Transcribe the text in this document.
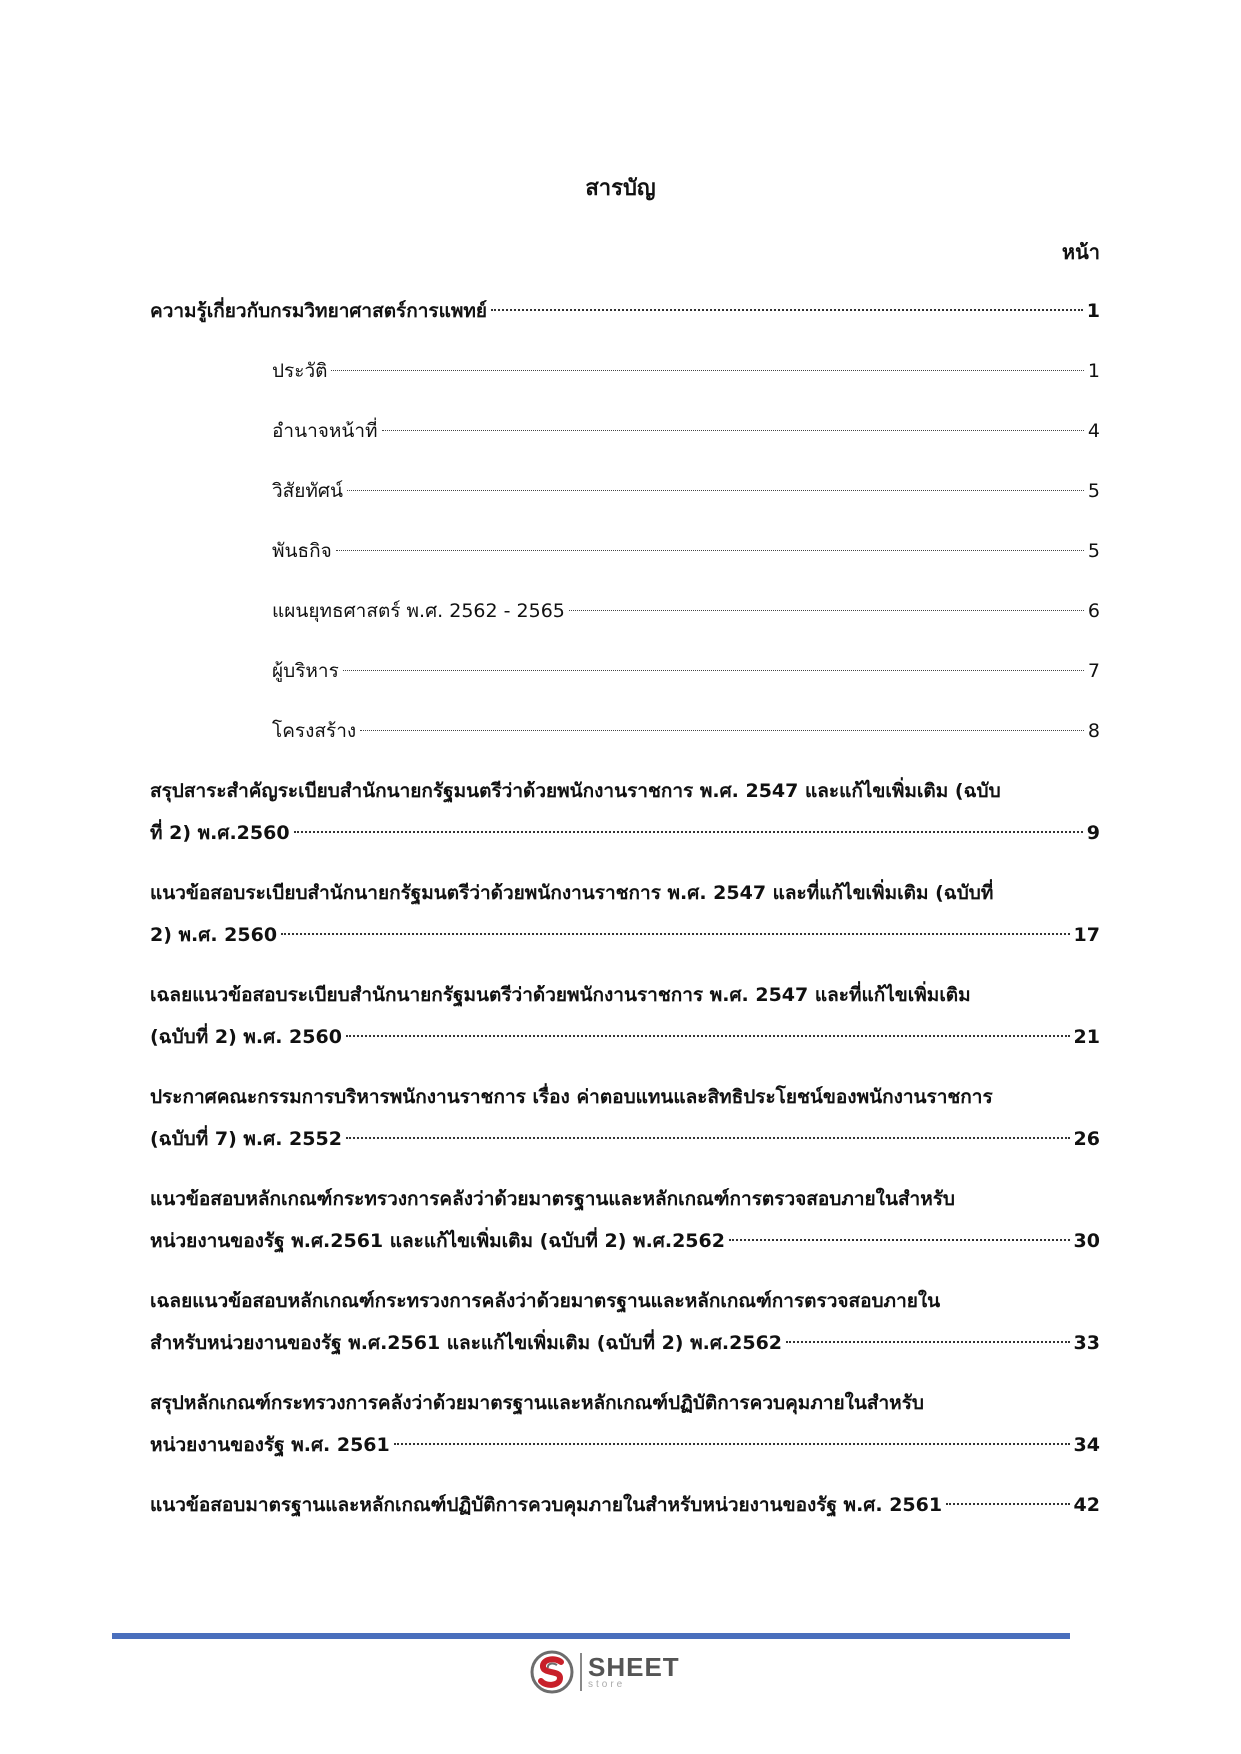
สารบัญ
หน้า
ความรู้เกี่ยวกับกรมวิทยาศาสตร์การแพทย์	1
ประวัติ	1
อำนาจหน้าที่	4
วิสัยทัศน์	5
พันธกิจ	5
แผนยุทธศาสตร์ พ.ศ. 2562 - 2565	6
ผู้บริหาร	7
โครงสร้าง	8
สรุปสาระสำคัญระเบียบสำนักนายกรัฐมนตรีว่าด้วยพนักงานราชการ พ.ศ. 2547 และแก้ไขเพิ่มเติม (ฉบับ
ที่ 2) พ.ศ.2560	9
แนวข้อสอบระเบียบสำนักนายกรัฐมนตรีว่าด้วยพนักงานราชการ พ.ศ. 2547 และที่แก้ไขเพิ่มเติม (ฉบับที่
2) พ.ศ. 2560	17
เฉลยแนวข้อสอบระเบียบสำนักนายกรัฐมนตรีว่าด้วยพนักงานราชการ พ.ศ. 2547 และที่แก้ไขเพิ่มเติม
(ฉบับที่ 2) พ.ศ. 2560	21
ประกาศคณะกรรมการบริหารพนักงานราชการ เรื่อง ค่าตอบแทนและสิทธิประโยชน์ของพนักงานราชการ
(ฉบับที่ 7) พ.ศ. 2552	26
แนวข้อสอบหลักเกณฑ์กระทรวงการคลังว่าด้วยมาตรฐานและหลักเกณฑ์การตรวจสอบภายในสำหรับ
หน่วยงานของรัฐ พ.ศ.2561 และแก้ไขเพิ่มเติม (ฉบับที่ 2) พ.ศ.2562	30
เฉลยแนวข้อสอบหลักเกณฑ์กระทรวงการคลังว่าด้วยมาตรฐานและหลักเกณฑ์การตรวจสอบภายใน
สำหรับหน่วยงานของรัฐ พ.ศ.2561 และแก้ไขเพิ่มเติม (ฉบับที่ 2) พ.ศ.2562	33
สรุปหลักเกณฑ์กระทรวงการคลังว่าด้วยมาตรฐานและหลักเกณฑ์ปฏิบัติการควบคุมภายในสำหรับ
หน่วยงานของรัฐ พ.ศ. 2561	34
แนวข้อสอบมาตรฐานและหลักเกณฑ์ปฏิบัติการควบคุมภายในสำหรับหน่วยงานของรัฐ พ.ศ. 2561	42
SHEET
store
